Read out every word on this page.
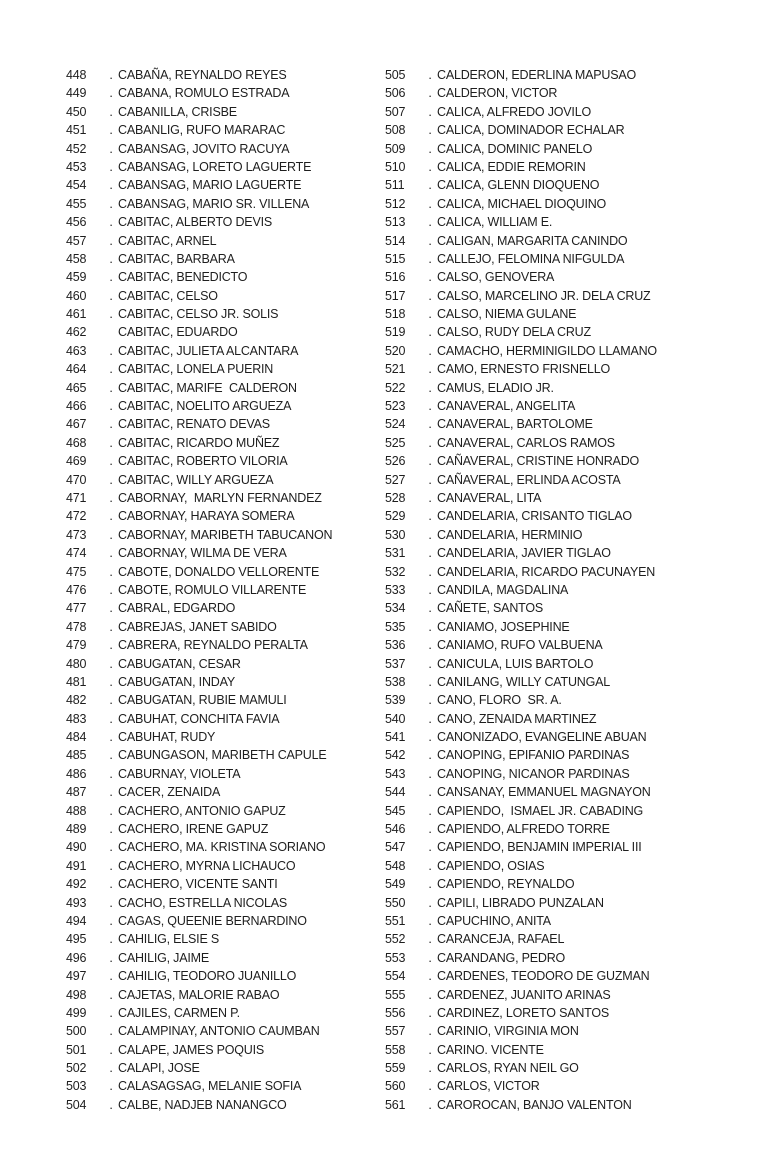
448	. CABAÑA, REYNALDO REYES
449	. CABANA, ROMULO ESTRADA
450	. CABANILLA, CRISBE
451	. CABANLIG, RUFO MARARAC
452	. CABANSAG, JOVITO RACUYA
453	. CABANSAG, LORETO LAGUERTE
454	. CABANSAG, MARIO LAGUERTE
455	. CABANSAG, MARIO SR. VILLENA
456	. CABITAC, ALBERTO DEVIS
457	. CABITAC, ARNEL
458	. CABITAC, BARBARA
459	. CABITAC, BENEDICTO
460	. CABITAC, CELSO
461	. CABITAC, CELSO JR. SOLIS
462	CABITAC, EDUARDO
463	. CABITAC, JULIETA ALCANTARA
464	. CABITAC, LONELA PUERIN
465	. CABITAC, MARIFE  CALDERON
466	. CABITAC, NOELITO ARGUEZA
467	. CABITAC, RENATO DEVAS
468	. CABITAC, RICARDO MUÑEZ
469	. CABITAC, ROBERTO VILORIA
470	. CABITAC, WILLY ARGUEZA
471	. CABORNAY,  MARLYN FERNANDEZ
472	. CABORNAY, HARAYA SOMERA
473	. CABORNAY, MARIBETH TABUCANON
474	. CABORNAY, WILMA DE VERA
475	. CABOTE, DONALDO VELLORENTE
476	. CABOTE, ROMULO VILLARENTE
477	. CABRAL, EDGARDO
478	. CABREJAS, JANET SABIDO
479	. CABRERA, REYNALDO PERALTA
480	. CABUGATAN, CESAR
481	. CABUGATAN, INDAY
482	. CABUGATAN, RUBIE MAMULI
483	. CABUHAT, CONCHITA FAVIA
484	. CABUHAT, RUDY
485	. CABUNGASON, MARIBETH CAPULE
486	. CABURNAY, VIOLETA
487	. CACER, ZENAIDA
488	. CACHERO, ANTONIO GAPUZ
489	. CACHERO, IRENE GAPUZ
490	. CACHERO, MA. KRISTINA SORIANO
491	. CACHERO, MYRNA LICHAUCO
492	. CACHERO, VICENTE SANTI
493	. CACHO, ESTRELLA NICOLAS
494	. CAGAS, QUEENIE BERNARDINO
495	. CAHILIG, ELSIE S
496	. CAHILIG, JAIME
497	. CAHILIG, TEODORO JUANILLO
498	. CAJETAS, MALORIE RABAO
499	. CAJILES, CARMEN P.
500	. CALAMPINAY, ANTONIO CAUMBAN
501	. CALAPE, JAMES POQUIS
502	. CALAPI, JOSE
503	. CALASAGSAG, MELANIE SOFIA
504	. CALBE, NADJEB NANANGCO
505	. CALDERON, EDERLINA MAPUSAO
506	. CALDERON, VICTOR
507	. CALICA, ALFREDO JOVILO
508	. CALICA, DOMINADOR ECHALAR
509	. CALICA, DOMINIC PANELO
510	. CALICA, EDDIE REMORIN
511	. CALICA, GLENN DIOQUENO
512	. CALICA, MICHAEL DIOQUINO
513	. CALICA, WILLIAM E.
514	. CALIGAN, MARGARITA CANINDO
515	. CALLEJO, FELOMINA NIFGULDA
516	. CALSO, GENOVERA
517	. CALSO, MARCELINO JR. DELA CRUZ
518	. CALSO, NIEMA GULANE
519	. CALSO, RUDY DELA CRUZ
520	. CAMACHO, HERMINIGILDO LLAMANO
521	. CAMO, ERNESTO FRISNELLO
522	. CAMUS, ELADIO JR.
523	. CANAVERAL, ANGELITA
524	. CANAVERAL, BARTOLOME
525	. CANAVERAL, CARLOS RAMOS
526	. CAÑAVERAL, CRISTINE HONRADO
527	. CAÑAVERAL, ERLINDA ACOSTA
528	. CANAVERAL, LITA
529	. CANDELARIA, CRISANTO TIGLAO
530	. CANDELARIA, HERMINIO
531	. CANDELARIA, JAVIER TIGLAO
532	. CANDELARIA, RICARDO PACUNAYEN
533	. CANDILA, MAGDALINA
534	. CAÑETE, SANTOS
535	. CANIAMO, JOSEPHINE
536	. CANIAMO, RUFO VALBUENA
537	. CANICULA, LUIS BARTOLO
538	. CANILANG, WILLY CATUNGAL
539	. CANO, FLORO  SR. A.
540	. CANO, ZENAIDA MARTINEZ
541	. CANONIZADO, EVANGELINE ABUAN
542	. CANOPING, EPIFANIO PARDINAS
543	. CANOPING, NICANOR PARDINAS
544	. CANSANAY, EMMANUEL MAGNAYON
545	. CAPIENDO,  ISMAEL JR. CABADING
546	. CAPIENDO, ALFREDO TORRE
547	. CAPIENDO, BENJAMIN IMPERIAL III
548	. CAPIENDO, OSIAS
549	. CAPIENDO, REYNALDO
550	. CAPILI, LIBRADO PUNZALAN
551	. CAPUCHINO, ANITA
552	. CARANCEJA, RAFAEL
553	. CARANDANG, PEDRO
554	. CARDENES, TEODORO DE GUZMAN
555	. CARDENEZ, JUANITO ARINAS
556	. CARDINEZ, LORETO SANTOS
557	. CARINIO, VIRGINIA MON
558	. CARINO. VICENTE
559	. CARLOS, RYAN NEIL GO
560	. CARLOS, VICTOR
561	. CAROROCAN, BANJO VALENTON
